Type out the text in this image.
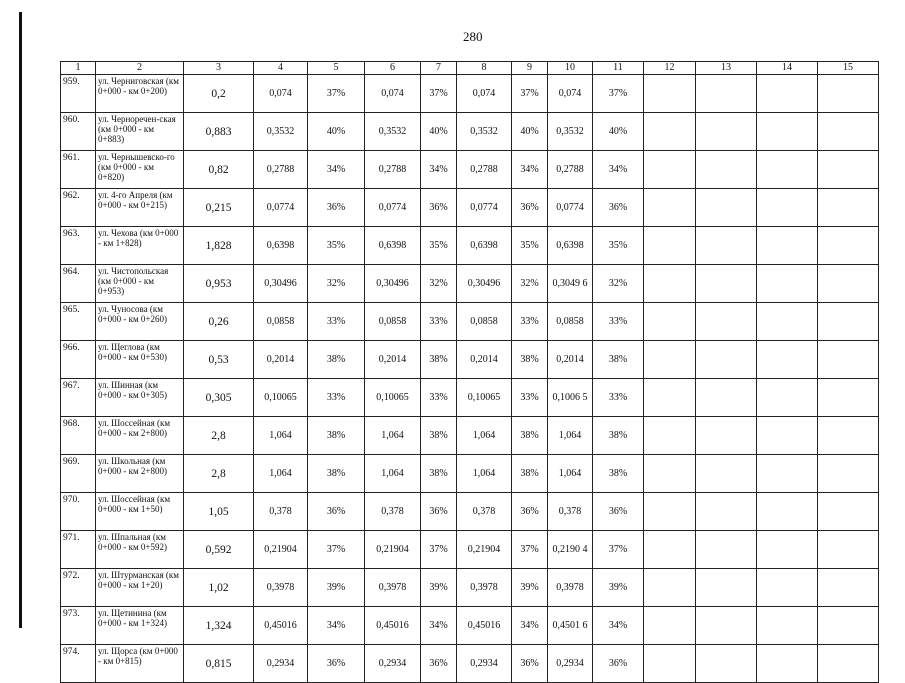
280
1	2	3	4	5	6	7	8	9	10	11	12	13	14	15
959.	ул. Черниговская (км 0+000 - км 0+200)	0,2	0,074	37%	0,074	37%	0,074	37%	0,074	37%				
960.	ул. Черноречен-ская (км 0+000 - км 0+883)	0,883	0,3532	40%	0,3532	40%	0,3532	40%	0,3532	40%				
961.	ул. Чернышевско-го (км 0+000 - км 0+820)	0,82	0,2788	34%	0,2788	34%	0,2788	34%	0,2788	34%				
962.	ул. 4-го Апреля (км 0+000 - км 0+215)	0,215	0,0774	36%	0,0774	36%	0,0774	36%	0,0774	36%				
963.	ул. Чехова (км 0+000 - км 1+828)	1,828	0,6398	35%	0,6398	35%	0,6398	35%	0,6398	35%				
964.	ул. Чистопольская (км 0+000 - км 0+953)	0,953	0,30496	32%	0,30496	32%	0,30496	32%	0,3049 6	32%				
965.	ул. Чуносова (км 0+000 - км 0+260)	0,26	0,0858	33%	0,0858	33%	0,0858	33%	0,0858	33%				
966.	ул. Щеглова (км 0+000 - км 0+530)	0,53	0,2014	38%	0,2014	38%	0,2014	38%	0,2014	38%				
967.	ул. Шинная (км 0+000 - км 0+305)	0,305	0,10065	33%	0,10065	33%	0,10065	33%	0,1006 5	33%				
968.	ул. Шоссейная (км 0+000 - км 2+800)	2,8	1,064	38%	1,064	38%	1,064	38%	1,064	38%				
969.	ул. Школьная (км 0+000 - км 2+800)	2,8	1,064	38%	1,064	38%	1,064	38%	1,064	38%				
970.	ул. Шоссейная (км 0+000 - км 1+50)	1,05	0,378	36%	0,378	36%	0,378	36%	0,378	36%				
971.	ул. Шпальная (км 0+000 - км 0+592)	0,592	0,21904	37%	0,21904	37%	0,21904	37%	0,2190 4	37%				
972.	ул. Штурманская (км 0+000 - км 1+20)	1,02	0,3978	39%	0,3978	39%	0,3978	39%	0,3978	39%				
973.	ул. Щетинина (км 0+000 - км 1+324)	1,324	0,45016	34%	0,45016	34%	0,45016	34%	0,4501 6	34%				
974.	ул. Щорса (км 0+000 - км 0+815)	0,815	0,2934	36%	0,2934	36%	0,2934	36%	0,2934	36%				
